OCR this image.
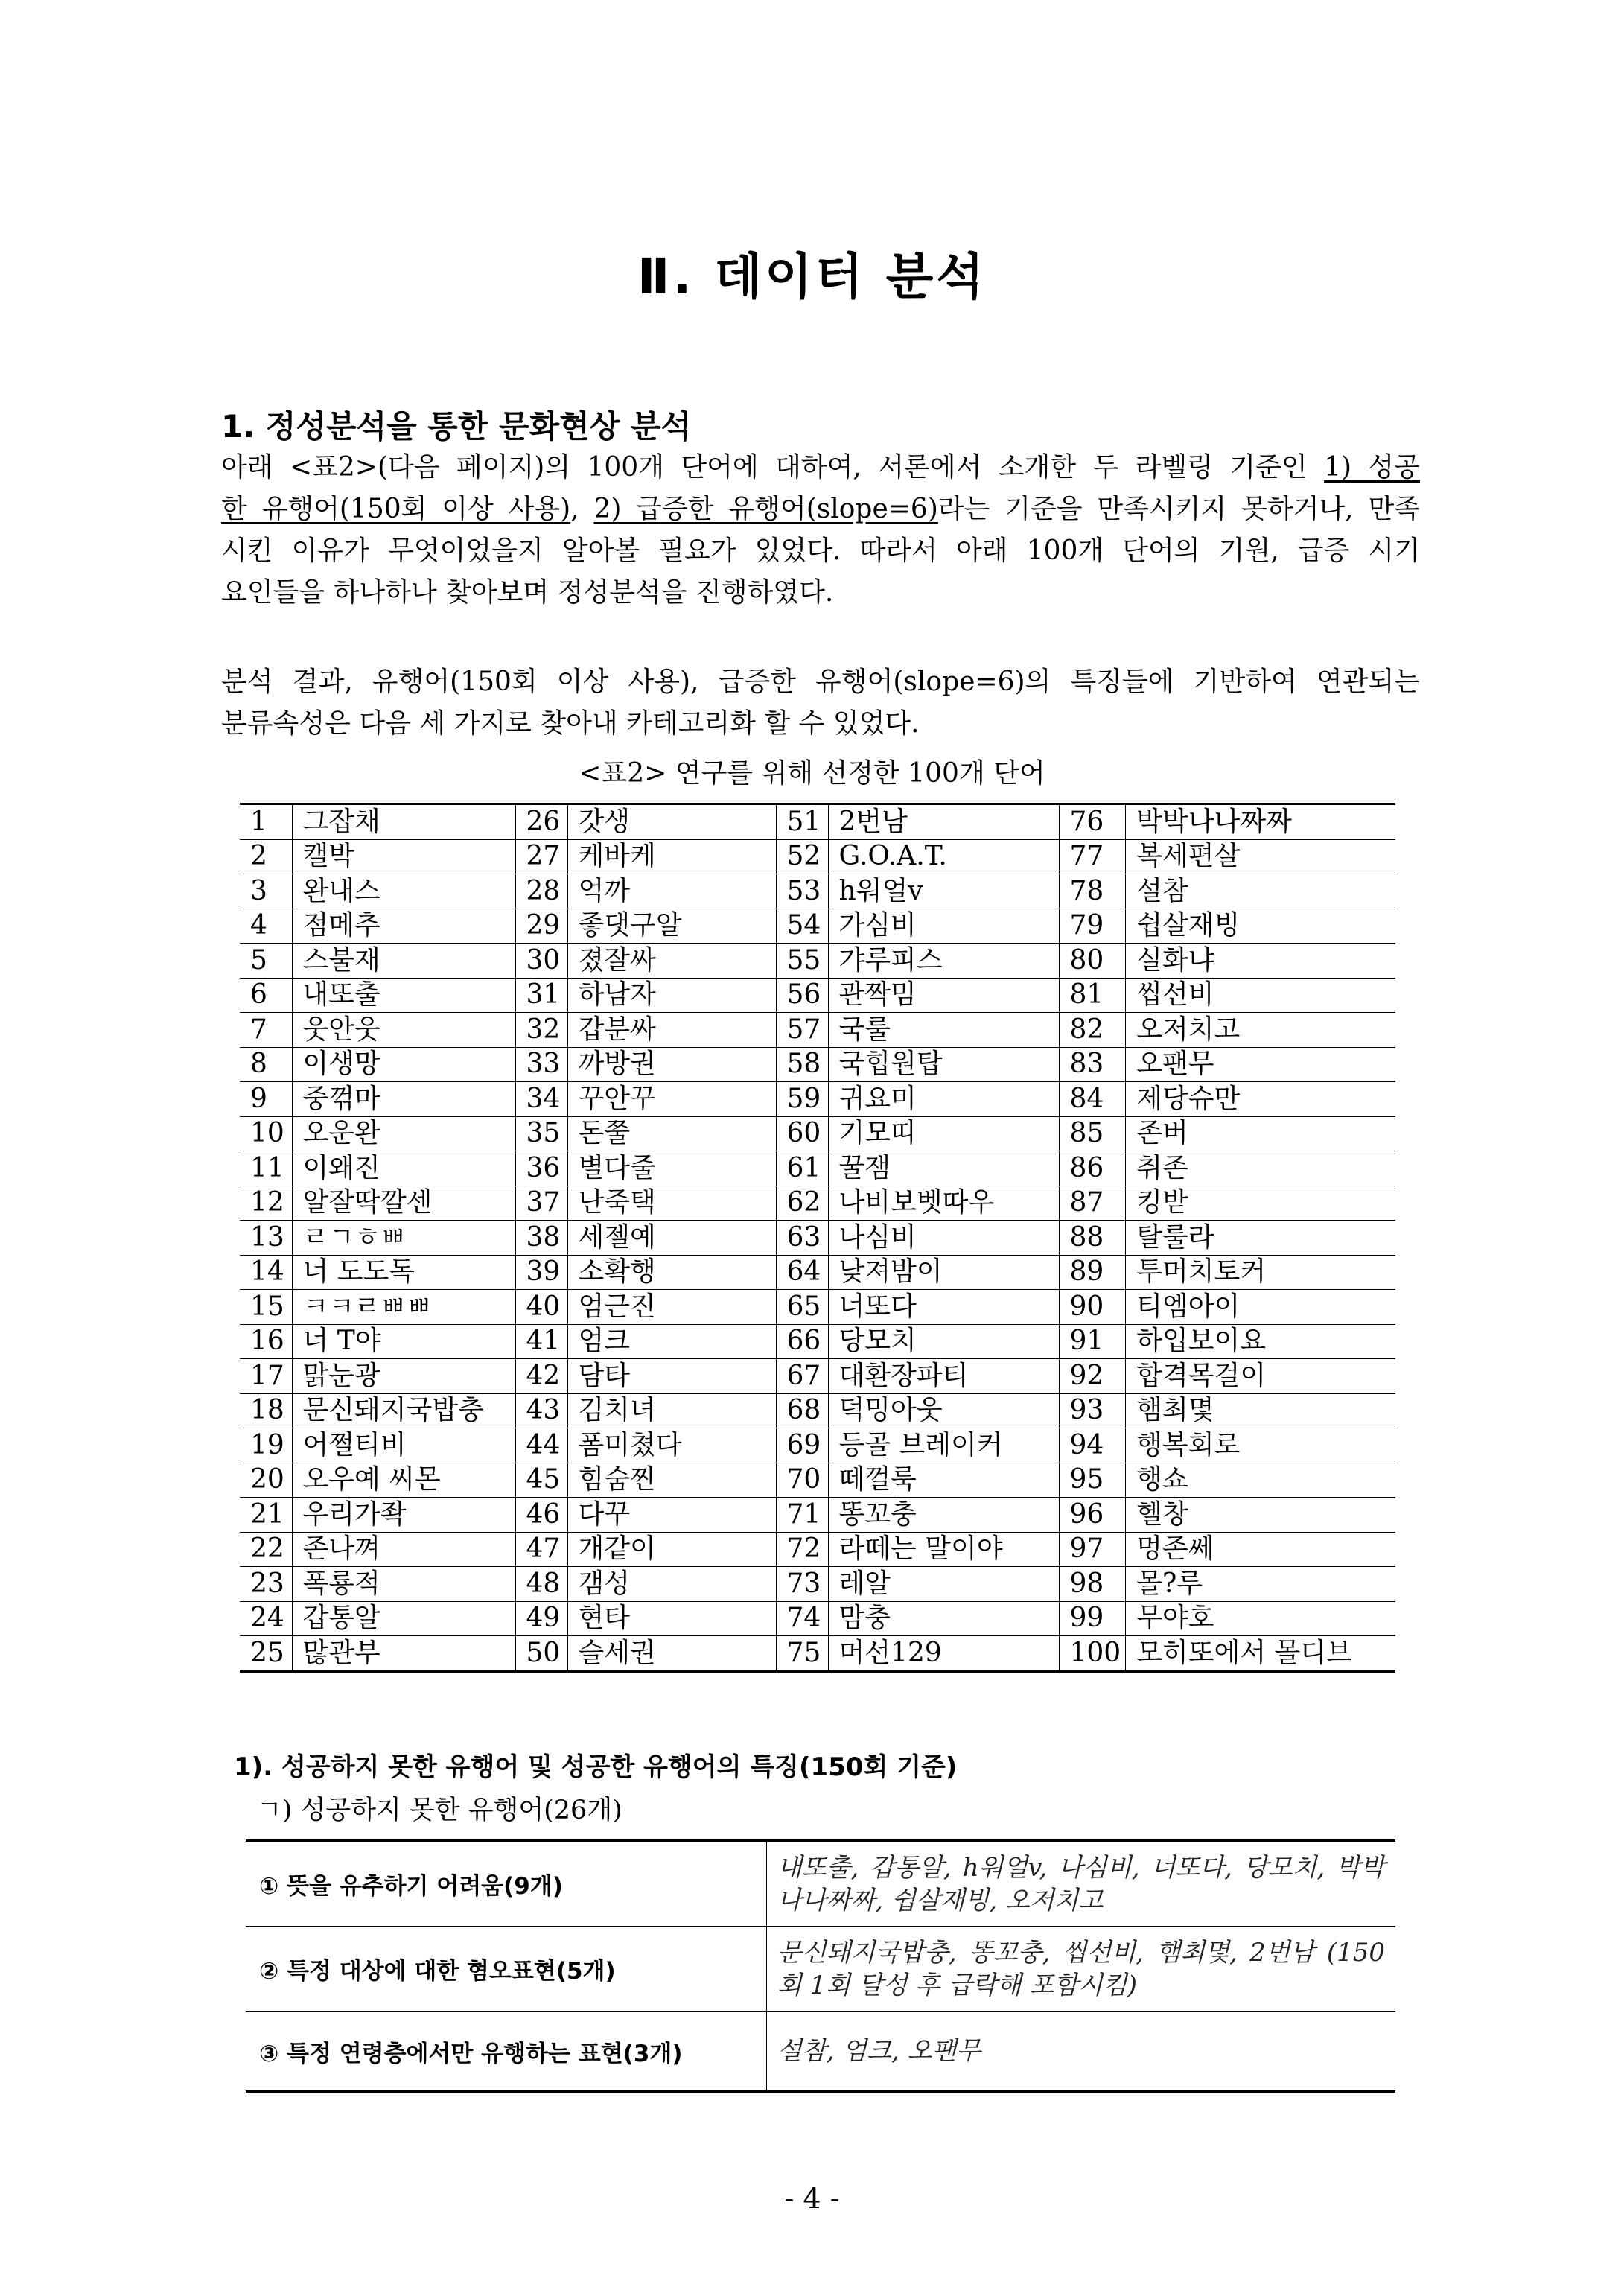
Ⅱ. 데이터 분석
1. 정성분석을 통한 문화현상 분석
아래 <표2>(다음 페이지)의 100개 단어에 대하여, 서론에서 소개한 두 라벨링 기준인 1) 성공
한 유행어(150회 이상 사용), 2) 급증한 유행어(slope=6)라는 기준을 만족시키지 못하거나, 만족
시킨 이유가 무엇이었을지 알아볼 필요가 있었다. 따라서 아래 100개 단어의 기원, 급증 시기
요인들을 하나하나 찾아보며 정성분석을 진행하였다.
분석 결과, 유행어(150회 이상 사용), 급증한 유행어(slope=6)의 특징들에 기반하여 연관되는
분류속성은 다음 세 가지로 찾아내 카테고리화 할 수 있었다.
<표2> 연구를 위해 선정한 100개 단어
1	그잡채	26	갓생	51	2번남	76	박박나나짜짜
2	캘박	27	케바케	52	G.O.A.T.	77	복세편살
3	완내스	28	억까	53	h워얼v	78	설참
4	점메추	29	좋댓구알	54	가심비	79	쉽살재빙
5	스불재	30	졌잘싸	55	갸루피스	80	실화냐
6	내또출	31	하남자	56	관짝밈	81	씹선비
7	웃안웃	32	갑분싸	57	국룰	82	오저치고
8	이생망	33	까방권	58	국힙원탑	83	오팬무
9	중꺾마	34	꾸안꾸	59	귀요미	84	제당슈만
10	오운완	35	돈쭐	60	기모띠	85	존버
11	이왜진	36	별다줄	61	꿀잼	86	취존
12	알잘딱깔센	37	난죽택	62	나비보벳따우	87	킹받
13	ㄹㄱㅎㅃ	38	세젤예	63	나심비	88	탈룰라
14	너 도도독	39	소확행	64	낮져밤이	89	투머치토커
15	ㅋㅋㄹㅃㅃ	40	엄근진	65	너또다	90	티엠아이
16	너 T야	41	엄크	66	당모치	91	하입보이요
17	맑눈광	42	담타	67	대환장파티	92	합격목걸이
18	문신돼지국밥충	43	김치녀	68	덕밍아웃	93	햄최몇
19	어쩔티비	44	폼미쳤다	69	등골 브레이커	94	행복회로
20	오우예 씨몬	45	힘숨찐	70	떼껄룩	95	행쇼
21	우리가좍	46	다꾸	71	똥꼬충	96	헬창
22	존나껴	47	개같이	72	라떼는 말이야	97	멍존쎄
23	폭룡적	48	갬성	73	레알	98	몰?루
24	갑통알	49	현타	74	맘충	99	무야호
25	많관부	50	슬세권	75	머선129	100	모히또에서 몰디브
1). 성공하지 못한 유행어 및 성공한 유행어의 특징(150회 기준)
ㄱ) 성공하지 못한 유행어(26개)
① 뜻을 유추하기 어려움(9개)	내또출, 갑통알, h워얼v, 나심비, 너또다, 당모치, 박박나나짜짜, 쉽살재빙, 오저치고
② 특정 대상에 대한 혐오표현(5개)	문신돼지국밥충, 똥꼬충, 씹선비, 햄최몇, 2번남 (150회 1회 달성 후 급락해 포함시킴)
③ 특정 연령층에서만 유행하는 표현(3개)	설참, 엄크, 오팬무
- 4 -
